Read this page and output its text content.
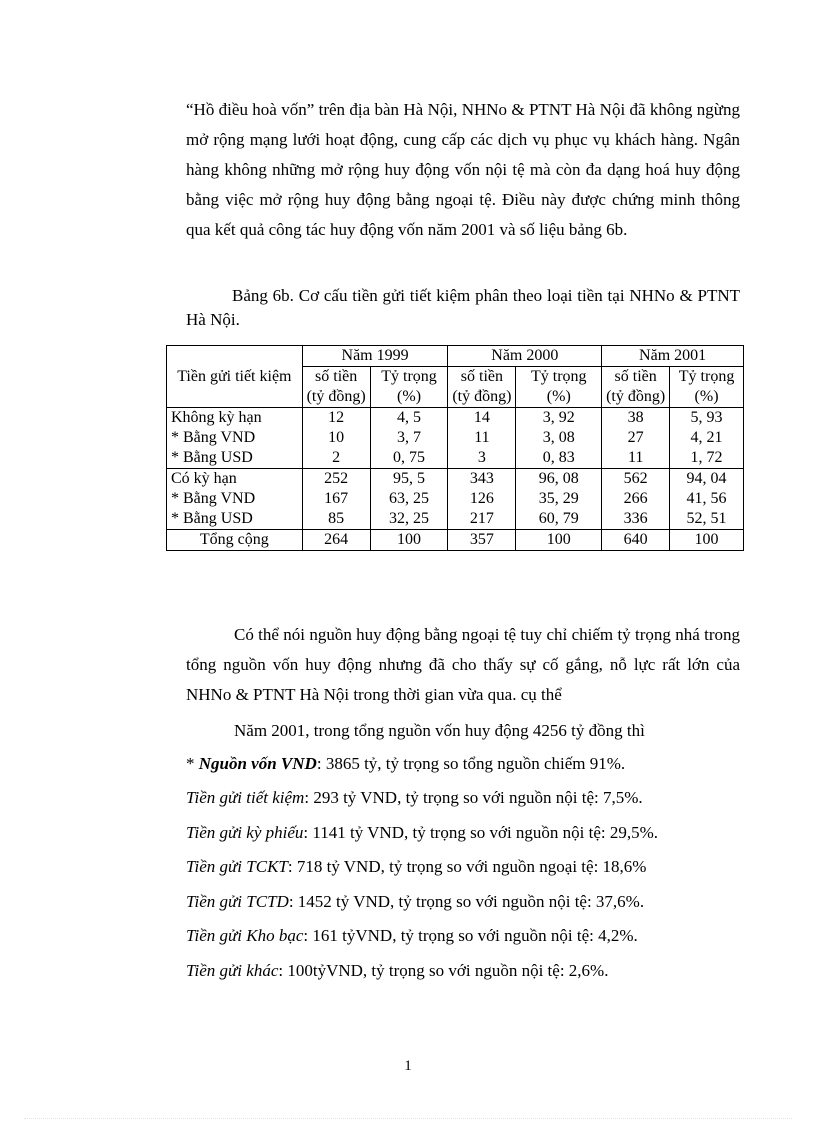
“Hồ điều hoà vốn” trên địa bàn Hà Nội, NHNo & PTNT Hà Nội đã không ngừng mở rộng mạng lưới hoạt động, cung cấp các dịch vụ phục vụ khách hàng. Ngân hàng không những mở rộng huy động vốn nội tệ mà còn đa dạng hoá huy động bằng việc mở rộng huy động bằng ngoại tệ. Điều này được chứng minh thông qua kết quả công tác huy động vốn năm 2001 và số liệu bảng 6b.

Bảng 6b. Cơ cấu tiền gửi tiết kiệm phân theo loại tiền tại NHNo & PTNT Hà Nội.

Tiền gửi tiết kiệm	Năm 1999		Năm 2000		Năm 2001	
	số tiền (tỷ đồng)	Tỷ trọng (%)	số tiền (tỷ đồng)	Tỷ trọng (%)	số tiền (tỷ đồng)	Tỷ trọng (%)
Không kỳ hạn	12	4, 5	14	3, 92	38	5, 93
* Bằng VND	10	3, 7	11	3, 08	27	4, 21
* Bằng USD	2	0, 75	3	0, 83	11	1, 72
Có kỳ hạn	252	95, 5	343	96, 08	562	94, 04
* Bằng VND	167	63, 25	126	35, 29	266	41, 56
* Bằng USD	85	32, 25	217	60, 79	336	52, 51
Tổng cộng	264	100	357	100	640	100

Có thể nói nguồn huy động bằng ngoại tệ tuy chỉ chiếm tỷ trọng nhá trong tổng nguồn vốn huy động nhưng đã cho thấy sự cố gắng, nỗ lực rất lớn của NHNo & PTNT Hà Nội trong thời gian vừa qua. cụ thể

Năm 2001, trong tổng nguồn vốn huy động 4256 tỷ đồng thì

* Nguồn vốn VND: 3865 tỷ, tỷ trọng so tổng nguồn chiếm 91%.

Tiền gửi tiết kiệm: 293 tỷ VND, tỷ trọng so với nguồn nội tệ: 7,5%.

Tiền gửi kỳ phiếu: 1141 tỷ VND, tỷ trọng so với nguồn nội tệ: 29,5%.

Tiền gửi TCKT: 718 tỷ VND, tỷ trọng so với nguồn ngoại tệ: 18,6%

Tiền gửi TCTD: 1452 tỷ VND, tỷ trọng so với nguồn nội tệ: 37,6%.

Tiền gửi Kho bạc: 161 tỷVND, tỷ trọng so với nguồn nội tệ: 4,2%.

Tiền gửi khác: 100tỷVND, tỷ trọng so với nguồn nội tệ: 2,6%.

1
